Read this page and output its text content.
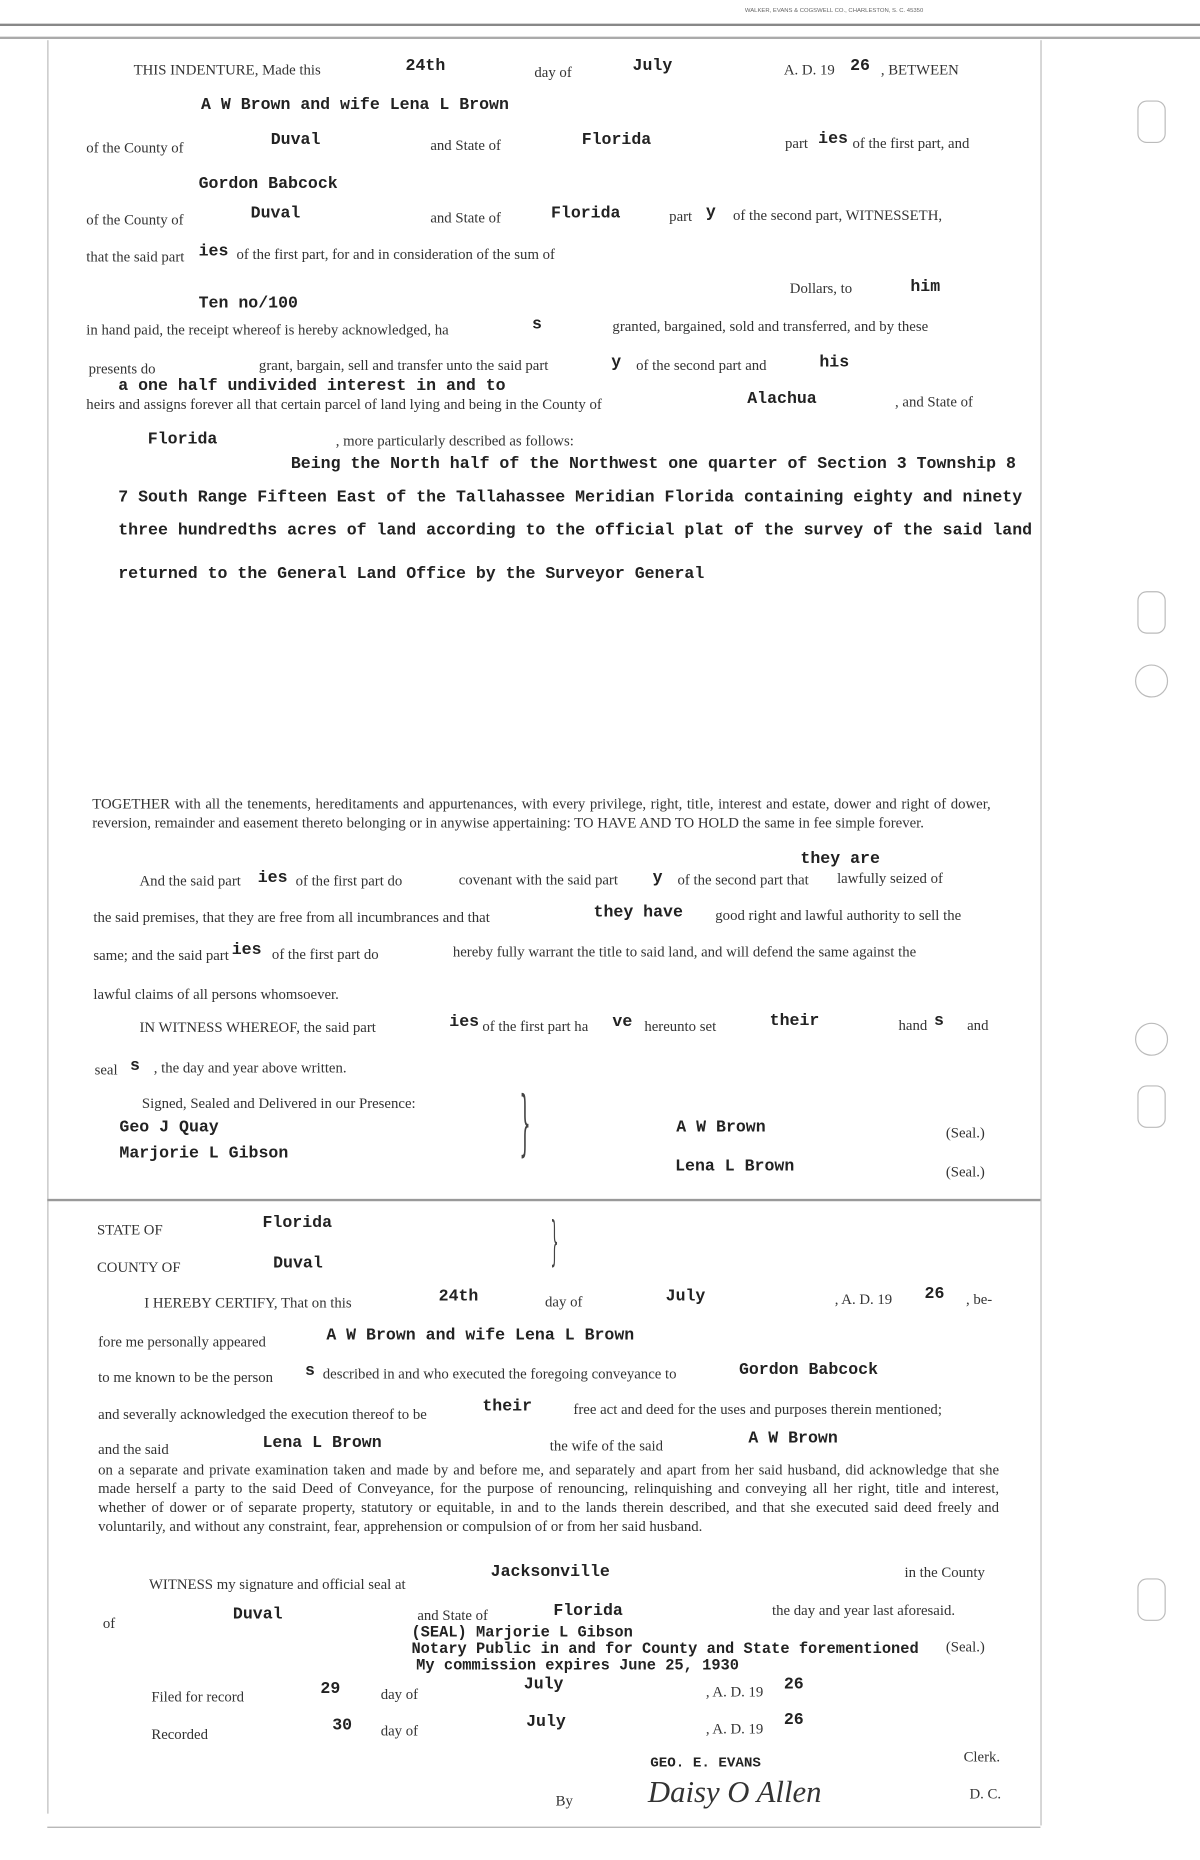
WALKER, EVANS & COGSWELL CO., CHARLESTON, S. C. 45350
THIS INDENTURE, Made this	24th	day of	July	A. D. 19 26 , BETWEEN
A W Brown and wife Lena L Brown
of the County of	Duval	and State of	Florida	part ies of the first part, and
Gordon Babcock
of the County of	Duval	and State of	Florida	part y of the second part, WITNESSETH,
that the said part ies of the first part, for and in consideration of the sum of
Dollars, to	him
Ten no/100
in hand paid, the receipt whereof is hereby acknowledged, ha	s	granted, bargained, sold and transferred, and by these
presents do	grant, bargain, sell and transfer unto the said part	y of the second part and	his
a one half undivided interest in and to
heirs and assigns forever all that certain parcel of land lying and being in the County of	Alachua	, and State of
Florida	, more particularly described as follows:
Being the North half of the Northwest one quarter of Section 3 Township 8
7 South Range Fifteen East of the Tallahassee Meridian Florida containing eighty and ninety
three hundredths acres of land according to the official plat of the survey of the said land
returned to the General Land Office by the Surveyor General
TOGETHER with all the tenements, hereditaments and appurtenances, with every privilege, right, title, interest and estate, dower and right of dower, reversion, remainder and easement thereto belonging or in anywise appertaining: TO HAVE AND TO HOLD the same in fee simple forever.
they are
And the said part ies of the first part do	covenant with the said part y of the second part that lawfully seized of
the said premises, that they are free from all incumbrances and that	they have	good right and lawful authority to sell the
same; and the said part ies of the first part do	hereby fully warrant the title to said land, and will defend the same against the
lawful claims of all persons whomsoever.
IN WITNESS WHEREOF, the said part	ies of the first part ha ve hereunto set	their	hand s and
seal s , the day and year above written.
Signed, Sealed and Delivered in our Presence: }
Geo J Quay
Marjorie L Gibson
A W Brown
Lena L Brown
(Seal.)
(Seal.)
STATE OF	Florida	}
COUNTY OF	Duval
I HEREBY CERTIFY, That on this	24th	day of	July	, A. D. 19 26 , be-
fore me personally appeared	A W Brown and wife Lena L Brown
to me known to be the person s described in and who executed the foregoing conveyance to	Gordon Babcock
and severally acknowledged the execution thereof to be	their	free act and deed for the uses and purposes therein mentioned;
and the said	Lena L Brown	the wife of the said	A W Brown
on a separate and private examination taken and made by and before me, and separately and apart from her said husband, did acknowledge that she made herself a party to the said Deed of Conveyance, for the purpose of renouncing, relinquishing and conveying all her right, title and interest, whether of dower or of separate property, statutory or equitable, in and to the lands therein described, and that she executed said deed freely and voluntarily, and without any constraint, fear, apprehension or compulsion of or from her said husband.
WITNESS my signature and official seal at
Jacksonville	in the County
of	Duval	and State of	Florida	the day and year last aforesaid.
(SEAL) Marjorie L Gibson
Notary Public in and for County and State forementioned (Seal.)
My commission expires June 25, 1930
Filed for record	29	day of	July	, A. D. 19 26
Recorded	30 day of	July	, A. D. 19 26
GEO. E. EVANS	Clerk.
By	Daisy O Allen	D. C.
